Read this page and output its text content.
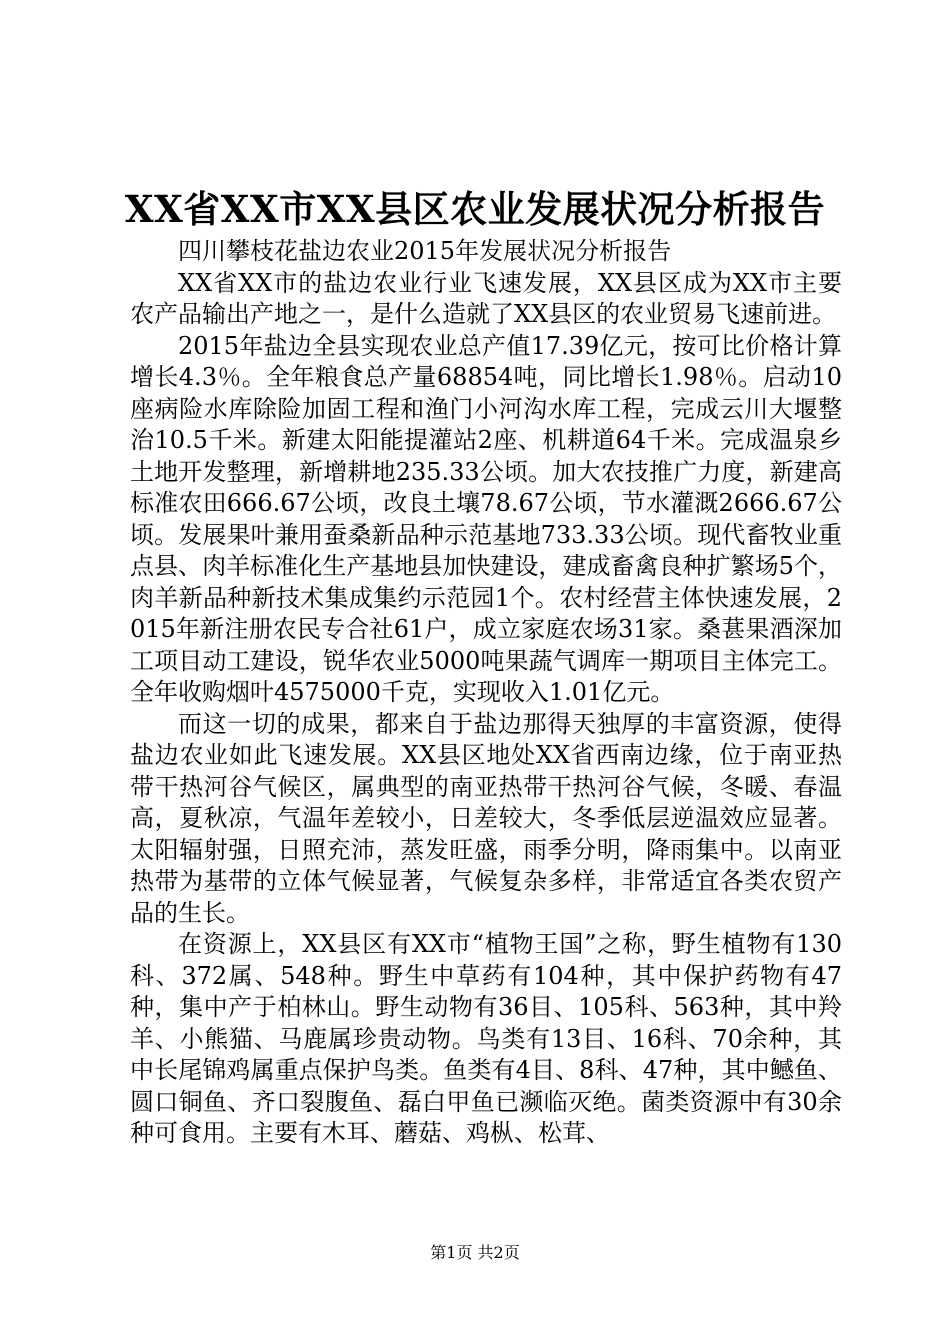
XX省XX市XX县区农业发展状况分析报告

四川攀枝花盐边农业2015年发展状况分析报告

XX省XX市的盐边农业行业飞速发展，XX县区成为XX市主要农产品输出产地之一，是什么造就了XX县区的农业贸易飞速前进。

2015年盐边全县实现农业总产值17.39亿元，按可比价格计算增长4.3％。全年粮食总产量68854吨，同比增长1.98％。启动10座病险水库除险加固工程和渔门小河沟水库工程，完成云川大堰整治10.5千米。新建太阳能提灌站2座、机耕道64千米。完成温泉乡土地开发整理，新增耕地235.33公顷。加大农技推广力度，新建高标准农田666.67公顷，改良土壤78.67公顷，节水灌溉2666.67公顷。发展果叶兼用蚕桑新品种示范基地733.33公顷。现代畜牧业重点县、肉羊标准化生产基地县加快建设，建成畜禽良种扩繁场5个，肉羊新品种新技术集成集约示范园1个。农村经营主体快速发展，2015年新注册农民专合社61户，成立家庭农场31家。桑葚果酒深加工项目动工建设，锐华农业5000吨果蔬气调库一期项目主体完工。全年收购烟叶4575000千克，实现收入1.01亿元。

而这一切的成果，都来自于盐边那得天独厚的丰富资源，使得盐边农业如此飞速发展。XX县区地处XX省西南边缘，位于南亚热带干热河谷气候区，属典型的南亚热带干热河谷气候，冬暖、春温高，夏秋凉，气温年差较小，日差较大，冬季低层逆温效应显著。太阳辐射强，日照充沛，蒸发旺盛，雨季分明，降雨集中。以南亚热带为基带的立体气候显著，气候复杂多样，非常适宜各类农贸产品的生长。

在资源上，XX县区有XX市“植物王国”之称，野生植物有130科、372属、548种。野生中草药有104种，其中保护药物有47种，集中产于柏林山。野生动物有36目、105科、563种，其中羚羊、小熊猫、马鹿属珍贵动物。鸟类有13目、16科、70余种，其中长尾锦鸡属重点保护鸟类。鱼类有4目、8科、47种，其中鳡鱼、圆口铜鱼、齐口裂腹鱼、磊白甲鱼已濒临灭绝。菌类资源中有30余种可食用。主要有木耳、蘑菇、鸡枞、松茸、

第1页 共2页
